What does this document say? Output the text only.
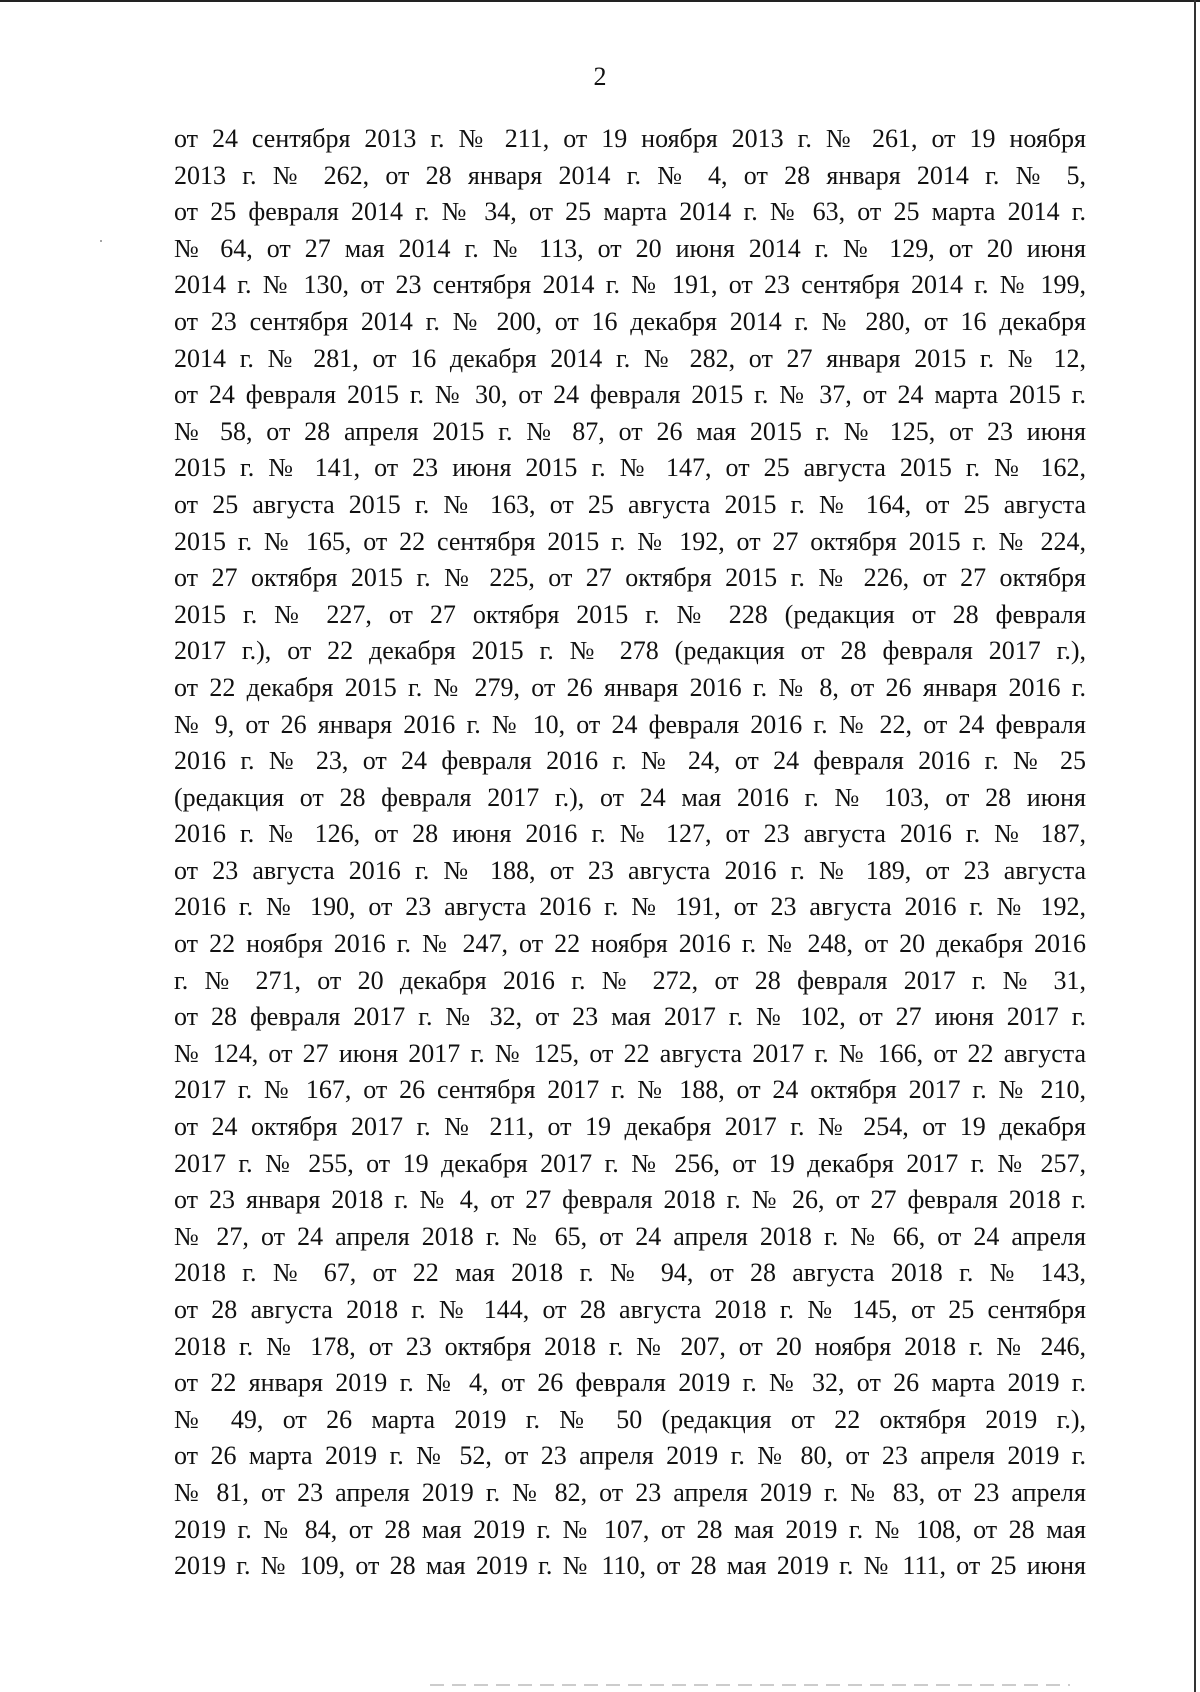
2
от 24 сентября 2013 г. № 211, от 19 ноября 2013 г. № 261, от 19 ноября
2013 г. № 262, от 28 января 2014 г. № 4, от 28 января 2014 г. № 5,
от 25 февраля 2014 г. № 34, от 25 марта 2014 г. № 63, от 25 марта 2014 г.
№ 64, от 27 мая 2014 г. № 113, от 20 июня 2014 г. № 129, от 20 июня
2014 г. № 130, от 23 сентября 2014 г. № 191, от 23 сентября 2014 г. № 199,
от 23 сентября 2014 г. № 200, от 16 декабря 2014 г. № 280, от 16 декабря
2014 г. № 281, от 16 декабря 2014 г. № 282, от 27 января 2015 г. № 12,
от 24 февраля 2015 г. № 30, от 24 февраля 2015 г. № 37, от 24 марта 2015 г.
№ 58, от 28 апреля 2015 г. № 87, от 26 мая 2015 г. № 125, от 23 июня
2015 г. № 141, от 23 июня 2015 г. № 147, от 25 августа 2015 г. № 162,
от 25 августа 2015 г. № 163, от 25 августа 2015 г. № 164, от 25 августа
2015 г. № 165, от 22 сентября 2015 г. № 192, от 27 октября 2015 г. № 224,
от 27 октября 2015 г. № 225, от 27 октября 2015 г. № 226, от 27 октября
2015 г. № 227, от 27 октября 2015 г. № 228 (редакция от 28 февраля
2017 г.), от 22 декабря 2015 г. № 278 (редакция от 28 февраля 2017 г.),
от 22 декабря 2015 г. № 279, от 26 января 2016 г. № 8, от 26 января 2016 г.
№ 9, от 26 января 2016 г. № 10, от 24 февраля 2016 г. № 22, от 24 февраля
2016 г. № 23, от 24 февраля 2016 г. № 24, от 24 февраля 2016 г. № 25
(редакция от 28 февраля 2017 г.), от 24 мая 2016 г. № 103, от 28 июня
2016 г. № 126, от 28 июня 2016 г. № 127, от 23 августа 2016 г. № 187,
от 23 августа 2016 г. № 188, от 23 августа 2016 г. № 189, от 23 августа
2016 г. № 190, от 23 августа 2016 г. № 191, от 23 августа 2016 г. № 192,
от 22 ноября 2016 г. № 247, от 22 ноября 2016 г. № 248, от 20 декабря 2016
г. № 271, от 20 декабря 2016 г. № 272, от 28 февраля 2017 г. № 31,
от 28 февраля 2017 г. № 32, от 23 мая 2017 г. № 102, от 27 июня 2017 г.
№ 124, от 27 июня 2017 г. № 125, от 22 августа 2017 г. № 166, от 22 августа
2017 г. № 167, от 26 сентября 2017 г. № 188, от 24 октября 2017 г. № 210,
от 24 октября 2017 г. № 211, от 19 декабря 2017 г. № 254, от 19 декабря
2017 г. № 255, от 19 декабря 2017 г. № 256, от 19 декабря 2017 г. № 257,
от 23 января 2018 г. № 4, от 27 февраля 2018 г. № 26, от 27 февраля 2018 г.
№ 27, от 24 апреля 2018 г. № 65, от 24 апреля 2018 г. № 66, от 24 апреля
2018 г. № 67, от 22 мая 2018 г. № 94, от 28 августа 2018 г. № 143,
от 28 августа 2018 г. № 144, от 28 августа 2018 г. № 145, от 25 сентября
2018 г. № 178, от 23 октября 2018 г. № 207, от 20 ноября 2018 г. № 246,
от 22 января 2019 г. № 4, от 26 февраля 2019 г. № 32, от 26 марта 2019 г.
№ 49, от 26 марта 2019 г. № 50 (редакция от 22 октября 2019 г.),
от 26 марта 2019 г. № 52, от 23 апреля 2019 г. № 80, от 23 апреля 2019 г.
№ 81, от 23 апреля 2019 г. № 82, от 23 апреля 2019 г. № 83, от 23 апреля
2019 г. № 84, от 28 мая 2019 г. № 107, от 28 мая 2019 г. № 108, от 28 мая
2019 г. № 109, от 28 мая 2019 г. № 110, от 28 мая 2019 г. № 111, от 25 июня
